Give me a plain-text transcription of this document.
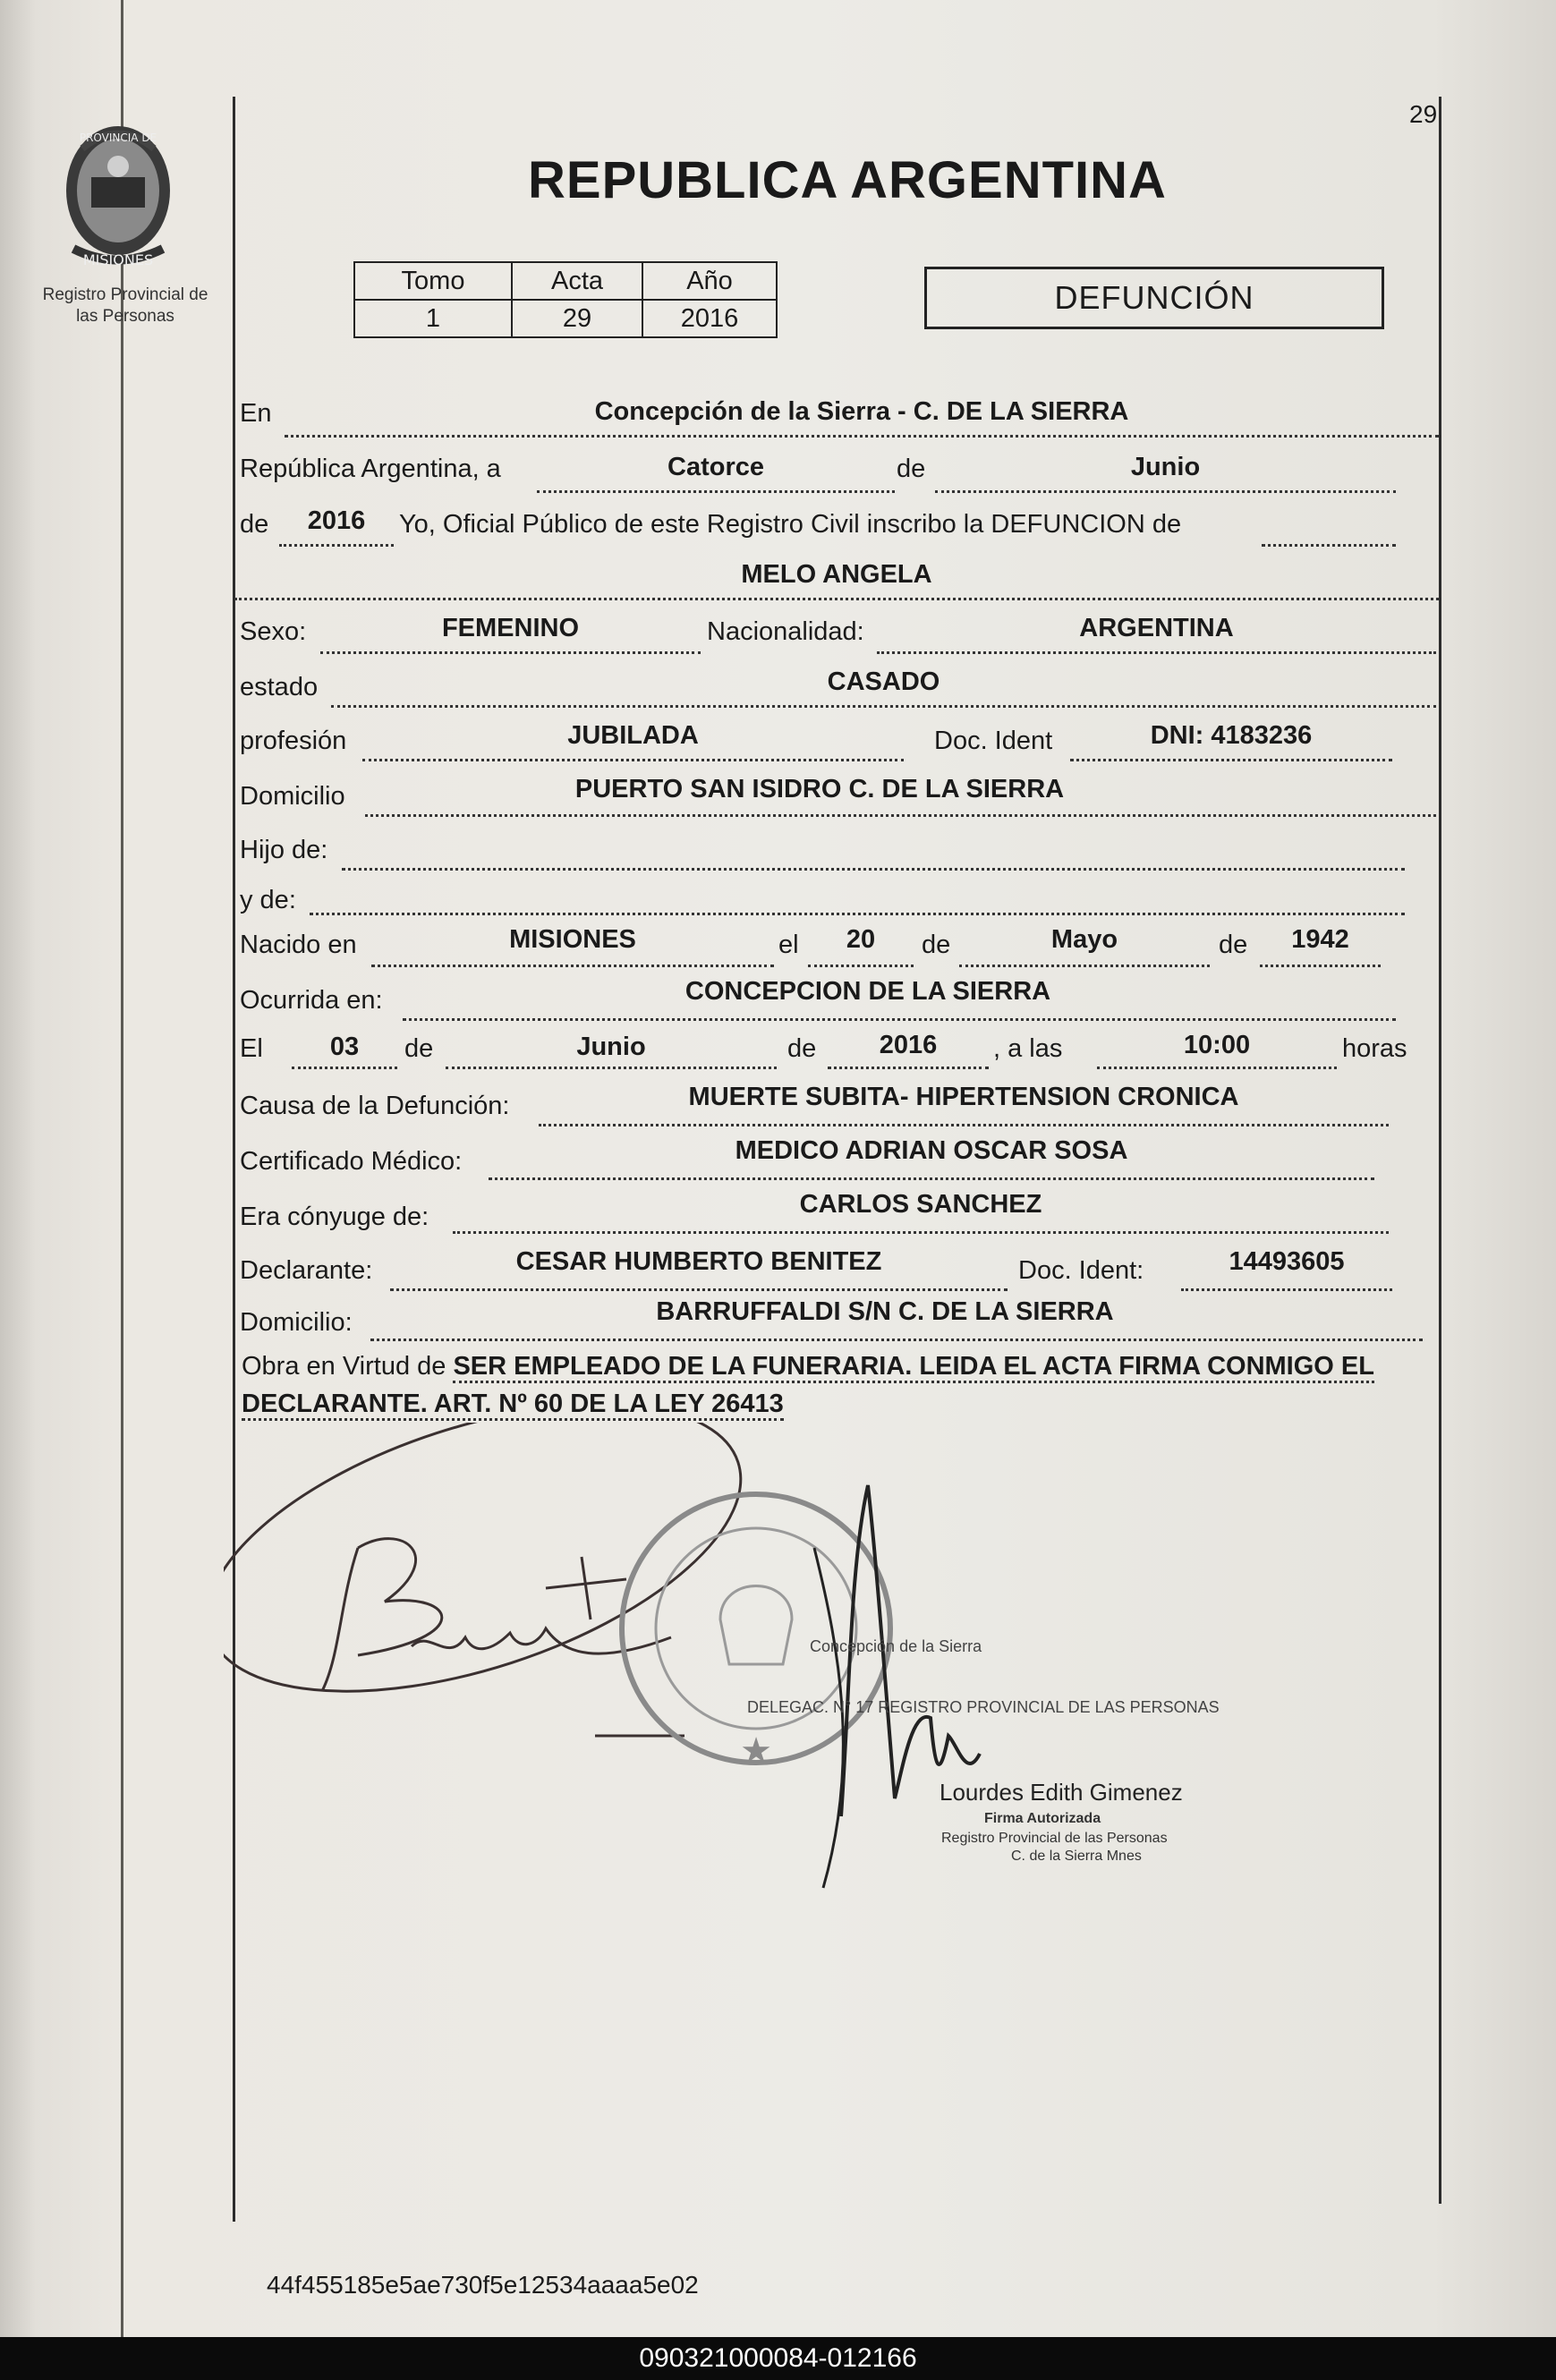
29
PROVINCIA DE
MISIONES
Registro Provincial de
las Personas
REPUBLICA ARGENTINA
Tomo	Acta	Año
1	29	2016
DEFUNCIÓN
En	Concepción de la Sierra - C. DE LA SIERRA
República Argentina, a	Catorce	de	Junio
de	2016	Yo, Oficial Público de este Registro Civil inscribo la DEFUNCION de
MELO ANGELA
Sexo:	FEMENINO	Nacionalidad:	ARGENTINA
estado	CASADO
profesión	JUBILADA	Doc. Ident	DNI: 4183236
Domicilio	PUERTO SAN ISIDRO C. DE LA SIERRA
Hijo de:
y de:
Nacido en	MISIONES	el	20	de	Mayo	de	1942
Ocurrida en:	CONCEPCION DE LA SIERRA
El	03	de	Junio	de	2016	, a las	10:00	horas
Causa de la Defunción:	MUERTE SUBITA- HIPERTENSION CRONICA
Certificado Médico:	MEDICO ADRIAN OSCAR SOSA
Era cónyuge de:	CARLOS SANCHEZ
Declarante:	CESAR HUMBERTO BENITEZ	Doc. Ident:	14493605
Domicilio:	BARRUFFALDI S/N C. DE LA SIERRA
Obra en Virtud de SER EMPLEADO DE LA FUNERARIA. LEIDA EL ACTA FIRMA CONMIGO EL DECLARANTE. ART. Nº 60 DE LA LEY 26413
★
DELEGAC. N° 17 REGISTRO PROVINCIAL DE LAS PERSONAS
Concepción de la Sierra
Lourdes Edith Gimenez
Firma Autorizada
Registro Provincial de las Personas
C. de la Sierra Mnes
44f455185e5ae730f5e12534aaaa5e02
090321000084-012166
